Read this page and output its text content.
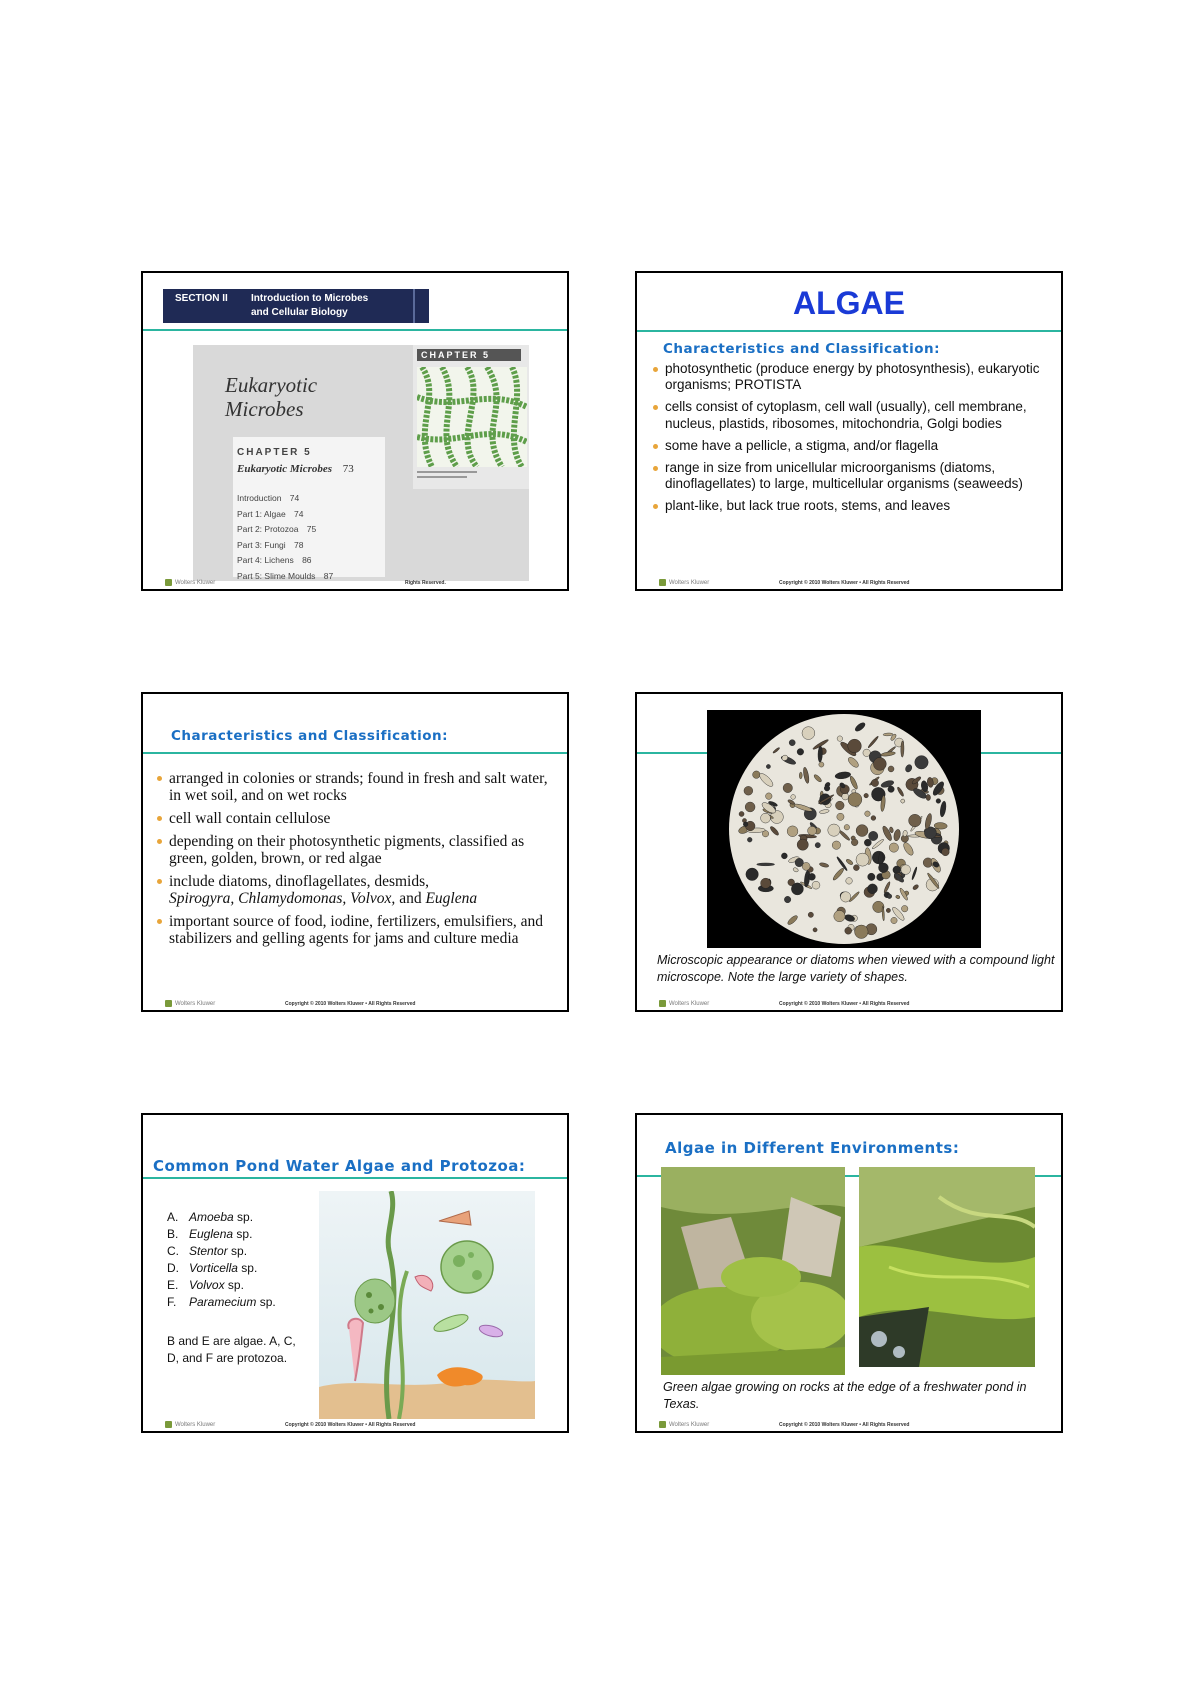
SECTION II Introduction to Microbes
and Cellular Biology
CHAPTER 5
Eukaryotic
Microbes
CHAPTER 5
Eukaryotic Microbes 73
Introduction 74
Part 1: Algae 74
Part 2: Protozoa 75
Part 3: Fungi 78
Part 4: Lichens 86
Part 5: Slime Moulds 87
Wolters Kluwer	Rights Reserved.
ALGAE
Characteristics and Classification:
photosynthetic (produce energy by photosynthesis), eukaryotic organisms; PROTISTA
cells consist of cytoplasm, cell wall (usually), cell membrane, nucleus, plastids, ribosomes, mitochondria, Golgi bodies
some have a pellicle, a stigma, and/or flagella
range in size from unicellular microorganisms (diatoms, dinoflagellates) to large, multicellular organisms (seaweeds)
plant-like, but lack true roots, stems, and leaves
Wolters Kluwer	Copyright © 2010 Wolters Kluwer • All Rights Reserved
Characteristics and Classification:
arranged in colonies or strands; found in fresh and salt water, in wet soil, and on wet rocks
cell wall contain cellulose
depending on their photosynthetic pigments, classified as green, golden, brown, or red algae
include diatoms, dinoflagellates, desmids,
Spirogyra, Chlamydomonas, Volvox, and Euglena
important source of food, iodine, fertilizers, emulsifiers, and stabilizers and gelling agents for jams and culture media
Wolters Kluwer	Copyright © 2010 Wolters Kluwer • All Rights Reserved
Microscopic appearance or diatoms when viewed with a compound light microscope. Note the large variety of shapes.
Wolters Kluwer	Copyright © 2010 Wolters Kluwer • All Rights Reserved
Common Pond Water Algae and Protozoa:
A. Amoeba sp.
B. Euglena sp.
C. Stentor sp.
D. Vorticella sp.
E. Volvox sp.
F. Paramecium sp.
B and E are algae. A, C, D, and F are protozoa.
Wolters Kluwer	Copyright © 2010 Wolters Kluwer • All Rights Reserved
Algae in Different Environments:
Green algae growing on rocks at the edge of a freshwater pond in Texas.
Wolters Kluwer	Copyright © 2010 Wolters Kluwer • All Rights Reserved
